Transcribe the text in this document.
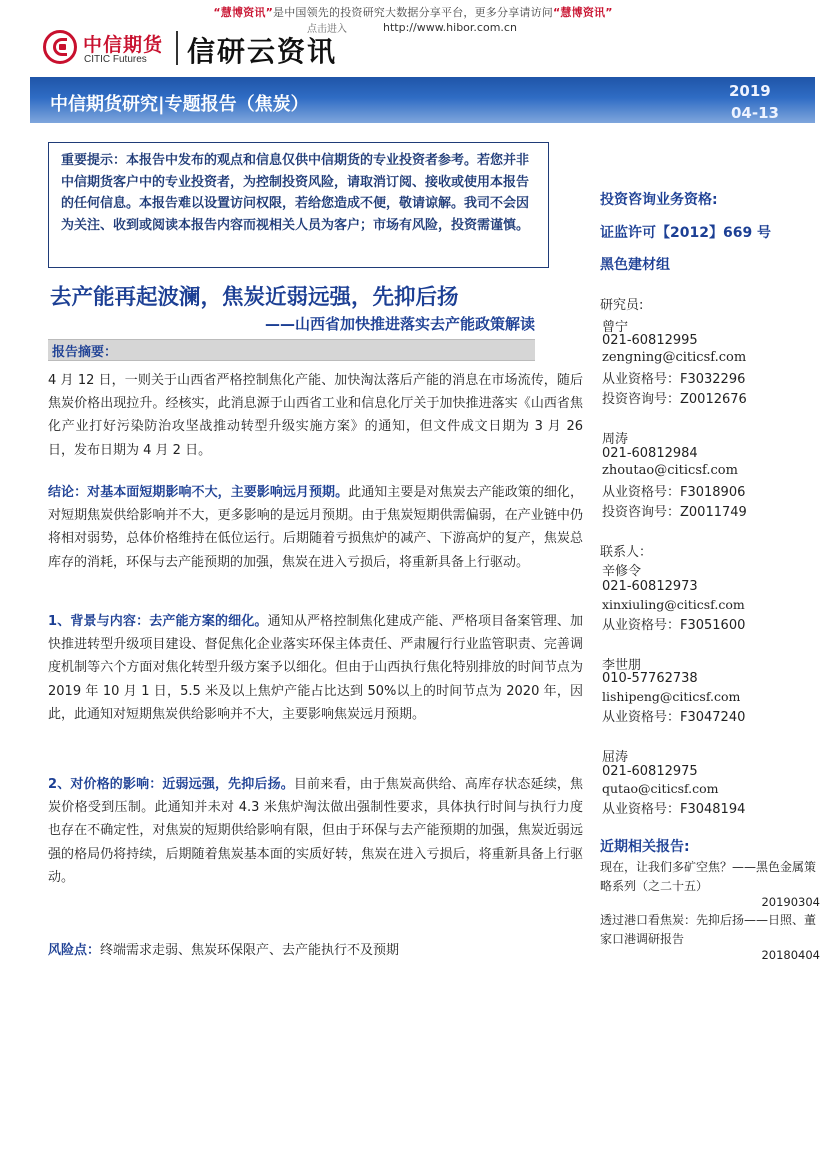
“慧博资讯”是中国领先的投资研究大数据分享平台，更多分享请访问“慧博资讯”
点击进入	http://www.hibor.com.cn
中信期货
CITIC Futures 信研云资讯
中信期货研究|专题报告（焦炭）
2019
04-13
重要提示：本报告中发布的观点和信息仅供中信期货的专业投资者参考。若您并非中信期货客户中的专业投资者，为控制投资风险，请取消订阅、接收或使用本报告的任何信息。本报告难以设置访问权限，若给您造成不便，敬请谅解。我司不会因为关注、收到或阅读本报告内容而视相关人员为客户；市场有风险，投资需谨慎。
去产能再起波澜，焦炭近弱远强，先抑后扬
——山西省加快推进落实去产能政策解读
报告摘要：
4 月 12 日，一则关于山西省严格控制焦化产能、加快淘汰落后产能的消息在市场流传，随后焦炭价格出现拉升。经核实，此消息源于山西省工业和信息化厅关于加快推进落实《山西省焦化产业打好污染防治攻坚战推动转型升级实施方案》的通知，但文件成文日期为 3 月 26 日，发布日期为 4 月 2 日。
结论：对基本面短期影响不大，主要影响远月预期。此通知主要是对焦炭去产能政策的细化，对短期焦炭供给影响并不大，更多影响的是远月预期。由于焦炭短期供需偏弱，在产业链中仍将相对弱势，总体价格维持在低位运行。后期随着亏损焦炉的减产、下游高炉的复产，焦炭总库存的消耗，环保与去产能预期的加强，焦炭在进入亏损后，将重新具备上行驱动。
1、背景与内容：去产能方案的细化。通知从严格控制焦化建成产能、严格项目备案管理、加快推进转型升级项目建设、督促焦化企业落实环保主体责任、严肃履行行业监管职责、完善调度机制等六个方面对焦化转型升级方案予以细化。但由于山西执行焦化特别排放的时间节点为 2019 年 10 月 1 日，5.5 米及以上焦炉产能占比达到 50%以上的时间节点为 2020 年，因此，此通知对短期焦炭供给影响并不大，主要影响焦炭远月预期。
2、对价格的影响：近弱远强，先抑后扬。目前来看，由于焦炭高供给、高库存状态延续，焦炭价格受到压制。此通知并未对 4.3 米焦炉淘汰做出强制性要求，具体执行时间与执行力度也存在不确定性，对焦炭的短期供给影响有限，但由于环保与去产能预期的加强，焦炭近弱远强的格局仍将持续，后期随着焦炭基本面的实质好转，焦炭在进入亏损后，将重新具备上行驱动。
风险点：终端需求走弱、焦炭环保限产、去产能执行不及预期
投资咨询业务资格:
证监许可【2012】669 号
黑色建材组
研究员:
曾宁
021-60812995
zengning@citicsf.com
从业资格号：F3032296
投资咨询号：Z0012676
周涛
021-60812984
zhoutao@citicsf.com
从业资格号：F3018906
投资咨询号：Z0011749
联系人：
辛修令
021-60812973
xinxiuling@citicsf.com
从业资格号：F3051600
李世朋
010-57762738
lishipeng@citicsf.com
从业资格号：F3047240
屈涛
021-60812975
qutao@citicsf.com
从业资格号：F3048194
近期相关报告:
现在，让我们多矿空焦？——黑色金属策略系列（之二十五）
20190304
透过港口看焦炭：先抑后扬——日照、董家口港调研报告
20180404
